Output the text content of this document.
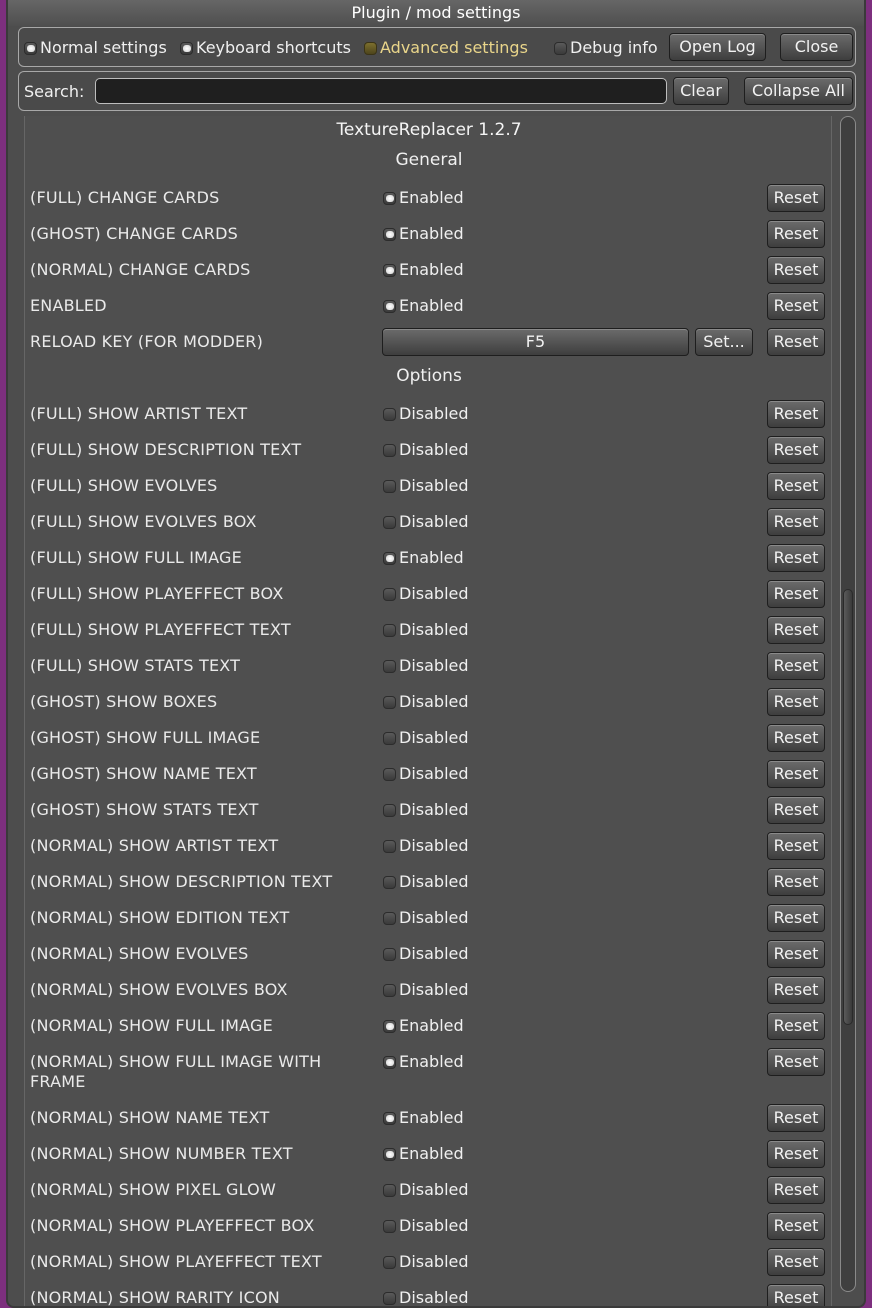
Plugin / mod settings
Normal settings Keyboard shortcuts Advanced settings	Debug info	Open Log	Close
Search:	Clear	Collapse All
TextureReplacer 1.2.7
General
(FULL) CHANGE CARDS	Enabled	Reset
(GHOST) CHANGE CARDS	Enabled	Reset
(NORMAL) CHANGE CARDS	Enabled	Reset
ENABLED	Enabled	Reset
RELOAD KEY (FOR MODDER)	F5	Set...	Reset
Options
(FULL) SHOW ARTIST TEXT	Disabled	Reset
(FULL) SHOW DESCRIPTION TEXT	Disabled	Reset
(FULL) SHOW EVOLVES	Disabled	Reset
(FULL) SHOW EVOLVES BOX	Disabled	Reset
(FULL) SHOW FULL IMAGE	Enabled	Reset
(FULL) SHOW PLAYEFFECT BOX	Disabled	Reset
(FULL) SHOW PLAYEFFECT TEXT	Disabled	Reset
(FULL) SHOW STATS TEXT	Disabled	Reset
(GHOST) SHOW BOXES	Disabled	Reset
(GHOST) SHOW FULL IMAGE	Disabled	Reset
(GHOST) SHOW NAME TEXT	Disabled	Reset
(GHOST) SHOW STATS TEXT	Disabled	Reset
(NORMAL) SHOW ARTIST TEXT	Disabled	Reset
(NORMAL) SHOW DESCRIPTION TEXT	Disabled	Reset
(NORMAL) SHOW EDITION TEXT	Disabled	Reset
(NORMAL) SHOW EVOLVES	Disabled	Reset
(NORMAL) SHOW EVOLVES BOX	Disabled	Reset
(NORMAL) SHOW FULL IMAGE	Enabled	Reset
(NORMAL) SHOW FULL IMAGE WITH FRAME
Enabled	Reset
(NORMAL) SHOW NAME TEXT	Enabled	Reset
(NORMAL) SHOW NUMBER TEXT	Enabled	Reset
(NORMAL) SHOW PIXEL GLOW	Disabled	Reset
(NORMAL) SHOW PLAYEFFECT BOX	Disabled	Reset
(NORMAL) SHOW PLAYEFFECT TEXT	Disabled	Reset
(NORMAL) SHOW RARITY ICON	Disabled	Reset
